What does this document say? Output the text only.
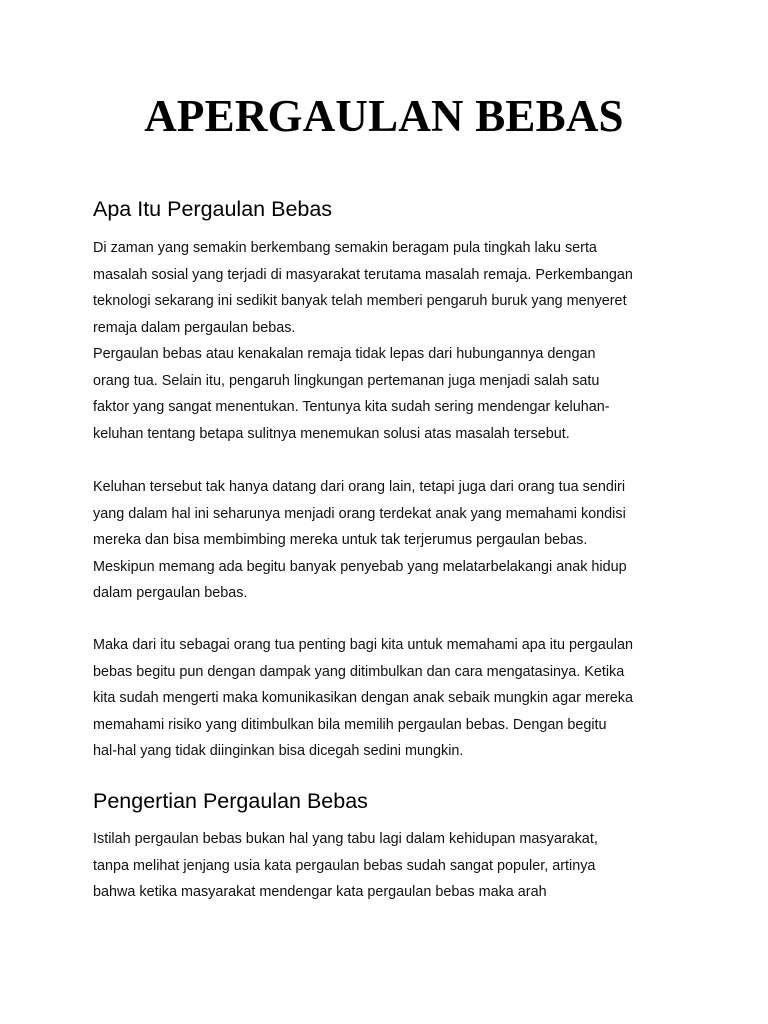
APERGAULAN BEBAS
Apa Itu Pergaulan Bebas
Di zaman yang semakin berkembang semakin beragam pula tingkah laku serta
masalah sosial yang terjadi di masyarakat terutama masalah remaja. Perkembangan
teknologi sekarang ini sedikit banyak telah memberi pengaruh buruk yang menyeret
remaja dalam pergaulan bebas.
Pergaulan bebas atau kenakalan remaja tidak lepas dari hubungannya dengan
orang tua. Selain itu, pengaruh lingkungan pertemanan juga menjadi salah satu
faktor yang sangat menentukan. Tentunya kita sudah sering mendengar keluhan-
keluhan tentang betapa sulitnya menemukan solusi atas masalah tersebut.
Keluhan tersebut tak hanya datang dari orang lain, tetapi juga dari orang tua sendiri
yang dalam hal ini seharunya menjadi orang terdekat anak yang memahami kondisi
mereka dan bisa membimbing mereka untuk tak terjerumus pergaulan bebas.
Meskipun memang ada begitu banyak penyebab yang melatarbelakangi anak hidup
dalam pergaulan bebas.
Maka dari itu sebagai orang tua penting bagi kita untuk memahami apa itu pergaulan
bebas begitu pun dengan dampak yang ditimbulkan dan cara mengatasinya. Ketika
kita sudah mengerti maka komunikasikan dengan anak sebaik mungkin agar mereka
memahami risiko yang ditimbulkan bila memilih pergaulan bebas. Dengan begitu
hal-hal yang tidak diinginkan bisa dicegah sedini mungkin.
Pengertian Pergaulan Bebas
Istilah pergaulan bebas bukan hal yang tabu lagi dalam kehidupan masyarakat,
tanpa melihat jenjang usia kata pergaulan bebas sudah sangat populer, artinya
bahwa ketika masyarakat mendengar kata pergaulan bebas maka arah
